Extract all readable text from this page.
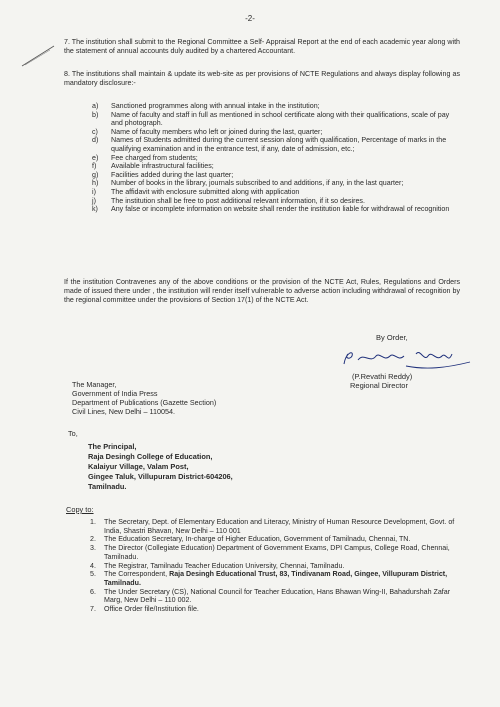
-2-
7. The institution shall submit to the Regional Committee a Self- Appraisal Report at the end of each academic year along with the statement of annual accounts duly audited by a chartered Accountant.
8. The institutions shall maintain & update its web-site as per provisions of NCTE Regulations and always display following as mandatory disclosure:-
a) Sanctioned programmes along with annual intake in the institution;
b) Name of faculty and staff in full as mentioned in school certificate along with their qualifications, scale of pay and photograph.
c) Name of faculty members who left or joined during the last, quarter;
d) Names of Students admitted during the current session along with qualification, Percentage of marks in the qualifying examination and in the entrance test, if any, date of admission, etc.;
e) Fee charged from students;
f) Available infrastructural facilities;
g) Facilities added during the last quarter;
h) Number of books in the library, journals subscribed to and additions, if any, in the last quarter;
i) The affidavit with enclosure submitted along with application
j) The institution shall be free to post additional relevant information, if it so desires.
k) Any false or incomplete information on website shall render the institution liable for withdrawal of recognition
If the institution Contravenes any of the above conditions or the provision of the NCTE Act, Rules, Regulations and Orders made of issued there under , the institution will render itself vulnerable to adverse action including withdrawal of recognition by the regional committee under the provisions of Section 17(1) of the NCTE Act.
By Order,
(P.Revathi Reddy)
Regional Director
The Manager,
Government of India Press
Department of Publications (Gazette Section)
Civil Lines, New Delhi – 110054.
To,
The Principal,
Raja Desingh College of Education,
Kalaiyur Village, Valam Post,
Gingee Taluk, Villupuram District-604206,
Tamilnadu.
Copy to:
1. The Secretary, Dept. of Elementary Education and Literacy, Ministry of Human Resource Development, Govt. of India, Shastri Bhavan, New Delhi – 110 001
2. The Education Secretary, In-charge of Higher Education, Government of Tamilnadu, Chennai, TN.
3. The Director (Collegiate Education) Department of Government Exams, DPI Campus, College Road, Chennai, Tamilnadu.
4. The Registrar, Tamilnadu Teacher Education University, Chennai, Tamilnadu.
5. The Correspondent, Raja Desingh Educational Trust, 83, Tindivanam Road, Gingee, Villupuram District, Tamilnadu.
6. The Under Secretary (CS), National Council for Teacher Education, Hans Bhawan Wing-II, Bahadurshah Zafar Marg, New Delhi – 110 002.
7. Office Order file/Institution file.
